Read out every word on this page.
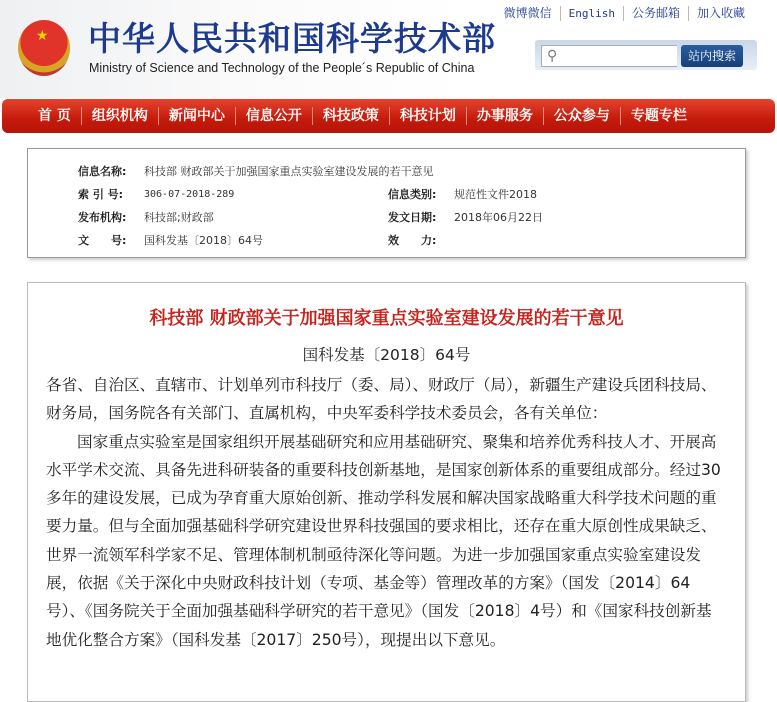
★ 中华人民共和国科学技术部
Ministry of Science and Technology of the People´s Republic of China
微博微信	English	公务邮箱	加入收藏
⚲	站内搜索
首 页	组织机构	新闻中心	信息公开	科技政策	科技计划	办事服务	公众参与	专题专栏
信息名称:	科技部 财政部关于加强国家重点实验室建设发展的若干意见
索 引 号:	306-07-2018-289	信息类别:	规范性文件2018
发布机构:	科技部;财政部	发文日期:	2018年06月22日
文　　号:	国科发基〔2018〕64号	效　　力:
科技部 财政部关于加强国家重点实验室建设发展的若干意见
国科发基〔2018〕64号

各省、自治区、直辖市、计划单列市科技厅（委、局）、财政厅（局），新疆生产建设兵团科技局、财务局，国务院各有关部门、直属机构，中央军委科学技术委员会，各有关单位：

国家重点实验室是国家组织开展基础研究和应用基础研究、聚集和培养优秀科技人才、开展高水平学术交流、具备先进科研装备的重要科技创新基地，是国家创新体系的重要组成部分。经过30多年的建设发展，已成为孕育重大原始创新、推动学科发展和解决国家战略重大科学技术问题的重要力量。但与全面加强基础科学研究建设世界科技强国的要求相比，还存在重大原创性成果缺乏、世界一流领军科学家不足、管理体制机制亟待深化等问题。为进一步加强国家重点实验室建设发展，依据《关于深化中央财政科技计划（专项、基金等）管理改革的方案》（国发〔2014〕64号）、《国务院关于全面加强基础科学研究的若干意见》（国发〔2018〕4号）和《国家科技创新基地优化整合方案》（国科发基〔2017〕250号），现提出以下意见。
